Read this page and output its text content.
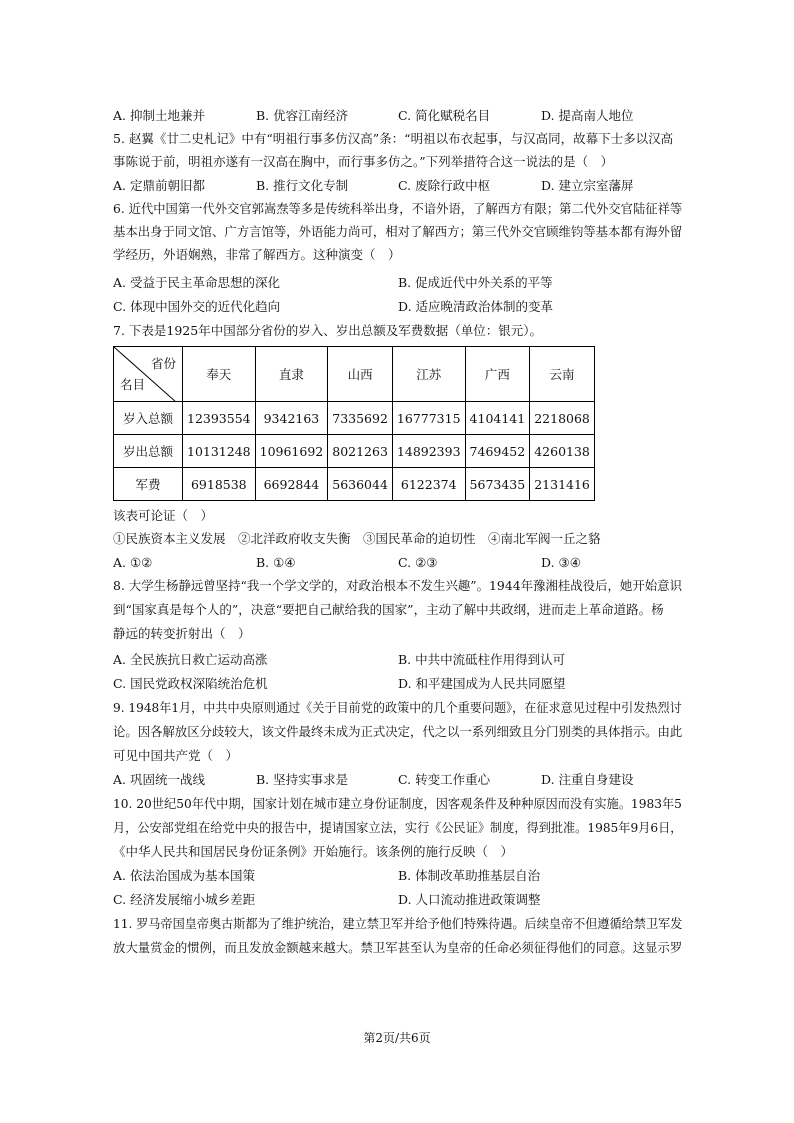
A. 抑制土地兼并	B. 优容江南经济	C. 简化赋税名目	D. 提高南人地位
5. 赵翼《廿二史札记》中有“明祖行事多仿汉高”条：“明祖以布衣起事，与汉高同，故幕下士多以汉高
事陈说于前，明祖亦遂有一汉高在胸中，而行事多仿之。”下列举措符合这一说法的是（　）
A. 定鼎前朝旧都	B. 推行文化专制	C. 废除行政中枢	D. 建立宗室藩屏
6. 近代中国第一代外交官郭嵩焘等多是传统科举出身，不谙外语，了解西方有限；第二代外交官陆征祥等
基本出身于同文馆、广方言馆等，外语能力尚可，相对了解西方；第三代外交官顾维钧等基本都有海外留
学经历，外语娴熟，非常了解西方。这种演变（　）
A. 受益于民主革命思想的深化	B. 促成近代中外关系的平等
C. 体现中国外交的近代化趋向	D. 适应晚清政治体制的变革
7. 下表是1925年中国部分省份的岁入、岁出总额及军费数据（单位：银元）。
省份
名目	奉天	直隶	山西	江苏	广西	云南
岁入总额	12393554	9342163	7335692	16777315	4104141	2218068
岁出总额	10131248	10961692	8021263	14892393	7469452	4260138
军费	6918538	6692844	5636044	6122374	5673435	2131416
该表可论证（　）
①民族资本主义发展　②北洋政府收支失衡　③国民革命的迫切性　④南北军阀一丘之貉
A. ①②	B. ①④	C. ②③	D. ③④
8. 大学生杨静远曾坚持“我一个学文学的，对政治根本不发生兴趣”。1944年豫湘桂战役后，她开始意识
到“国家真是每个人的”，决意“要把自己献给我的国家”，主动了解中共政纲，进而走上革命道路。杨
静远的转变折射出（　）
A. 全民族抗日救亡运动高涨	B. 中共中流砥柱作用得到认可
C. 国民党政权深陷统治危机	D. 和平建国成为人民共同愿望
9. 1948年1月，中共中央原则通过《关于目前党的政策中的几个重要问题》，在征求意见过程中引发热烈讨
论。因各解放区分歧较大，该文件最终未成为正式决定，代之以一系列细致且分门别类的具体指示。由此
可见中国共产党（　）
A. 巩固统一战线	B. 坚持实事求是	C. 转变工作重心	D. 注重自身建设
10. 20世纪50年代中期，国家计划在城市建立身份证制度，因客观条件及种种原因而没有实施。1983年5
月，公安部党组在给党中央的报告中，提请国家立法，实行《公民证》制度，得到批准。1985年9月6日，
《中华人民共和国居民身份证条例》开始施行。该条例的施行反映（　）
A. 依法治国成为基本国策	B. 体制改革助推基层自治
C. 经济发展缩小城乡差距	D. 人口流动推进政策调整
11. 罗马帝国皇帝奥古斯都为了维护统治，建立禁卫军并给予他们特殊待遇。后续皇帝不但遵循给禁卫军发
放大量赏金的惯例，而且发放金额越来越大。禁卫军甚至认为皇帝的任命必须征得他们的同意。这显示罗
第2页/共6页
